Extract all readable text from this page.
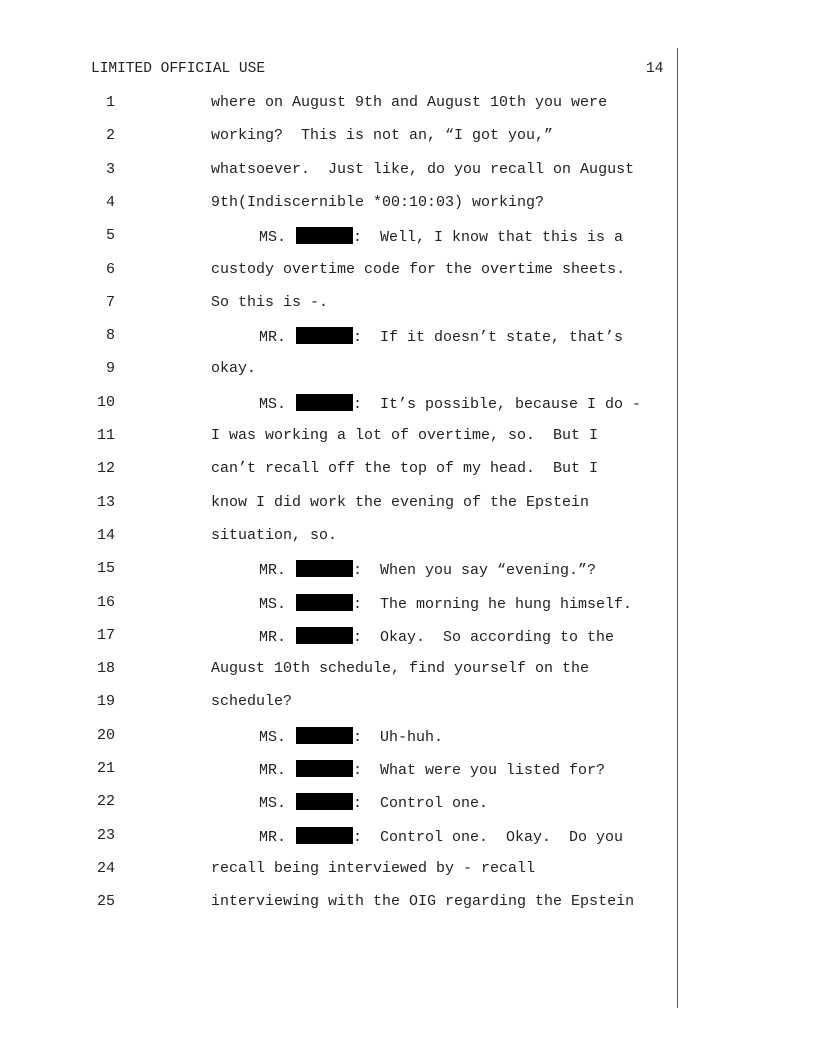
LIMITED OFFICIAL USE	14
1	where on August 9th and August 10th you were
2	working?  This is not an, “I got you,”
3	whatsoever.  Just like, do you recall on August
4	9th(Indiscernible *00:10:03) working?
5	MS.	:  Well, I know that this is a
6	custody overtime code for the overtime sheets.
7	So this is -.
8	MR.	:  If it doesn’t state, that’s
9	okay.
10	MS.	:  It’s possible, because I do -
11	I was working a lot of overtime, so.  But I
12	can’t recall off the top of my head.  But I
13	know I did work the evening of the Epstein
14	situation, so.
15	MR.	:  When you say “evening.”?
16	MS.	:  The morning he hung himself.
17	MR.	:  Okay.  So according to the
18	August 10th schedule, find yourself on the
19	schedule?
20	MS.	:  Uh-huh.
21	MR.	:  What were you listed for?
22	MS.	:  Control one.
23	MR.	:  Control one.  Okay.  Do you
24	recall being interviewed by - recall
25	interviewing with the OIG regarding the Epstein
